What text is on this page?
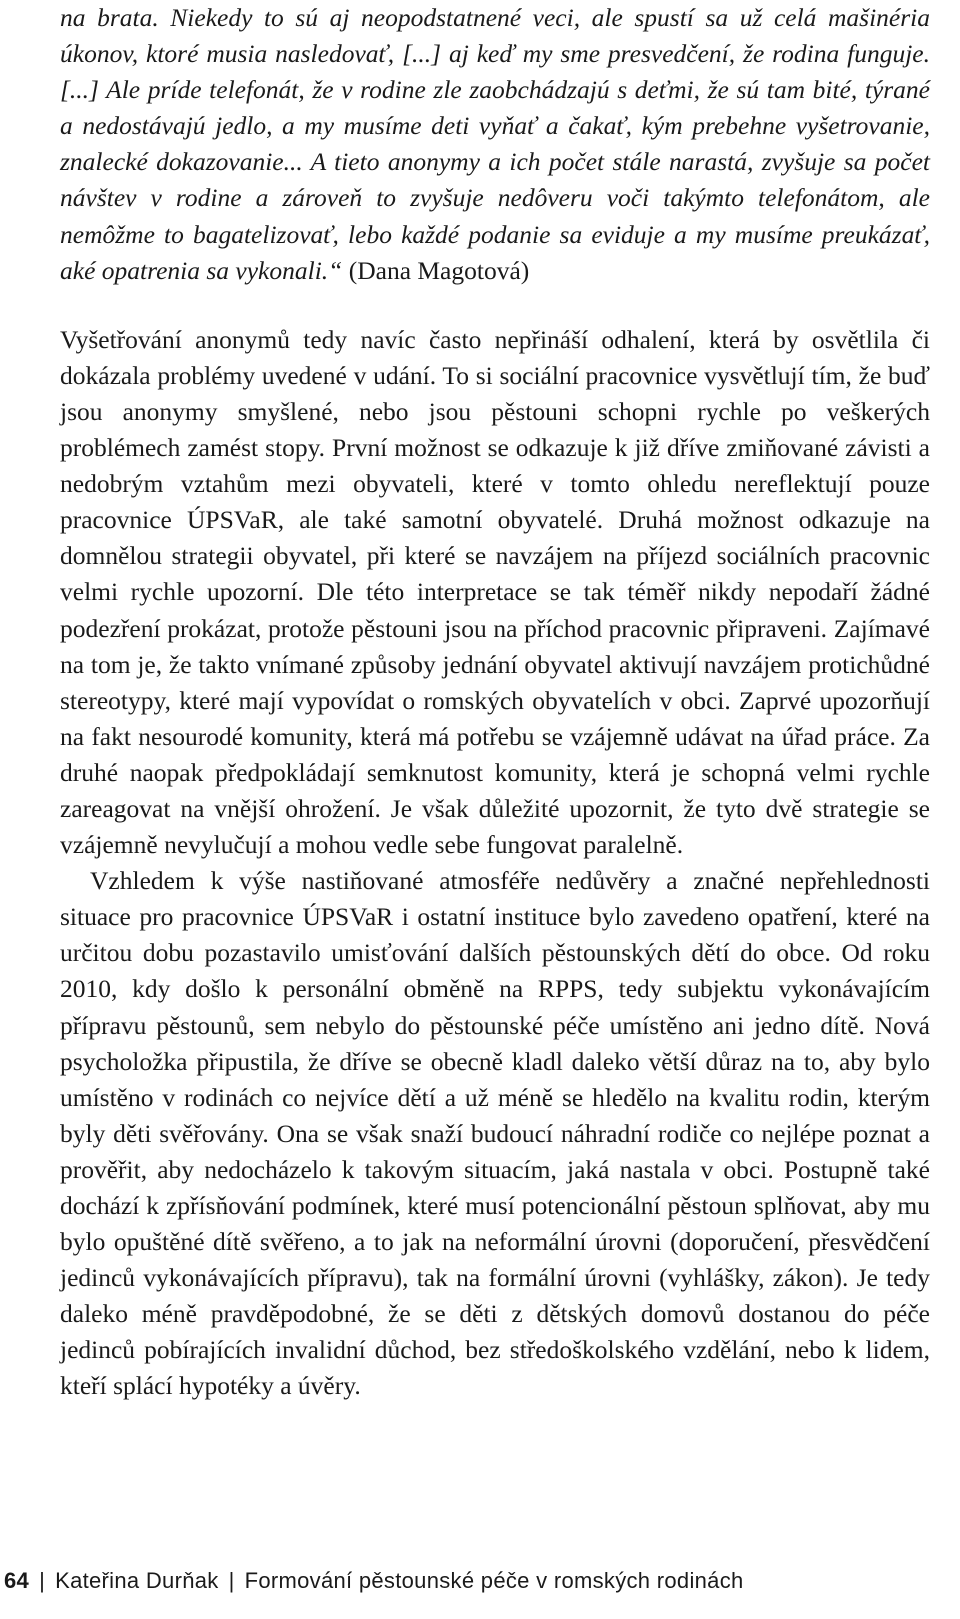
na brata. Niekedy to sú aj neopodstatnené veci, ale spustí sa už celá mašinéria úkonov, ktoré musia nasledovať, [...] aj keď my sme presvedčení, že rodina funguje. [...] Ale príde telefonát, že v rodine zle zaobchádzajú s deťmi, že sú tam bité, týrané a nedostávajú jedlo, a my musíme deti vyňať a čakať, kým prebehne vyšetrovanie, znalecké dokazovanie... A tieto anonymy a ich počet stále narastá, zvyšuje sa počet návštev v rodine a zároveň to zvyšuje nedôveru voči takýmto telefonátom, ale nemôžme to bagatelizovať, lebo každé podanie sa eviduje a my musíme preukázať, aké opatrenia sa vykonali.“ (Dana Magotová)

Vyšetřování anonymů tedy navíc často nepřináší odhalení, která by osvětlila či dokázala problémy uvedené v udání. To si sociální pracovnice vysvětlují tím, že buď jsou anonymy smyšlené, nebo jsou pěstouni schopni rychle po veškerých problémech zamést stopy. První možnost se odkazuje k již dříve zmiňované závisti a nedobrým vztahům mezi obyvateli, které v tomto ohledu nereflektují pouze pracovnice ÚPSVaR, ale také samotní obyvatelé. Druhá možnost odkazuje na domnělou strategii obyvatel, při které se navzájem na příjezd sociálních pracovnic velmi rychle upozorní. Dle této interpretace se tak téměř nikdy nepodaří žádné podezření prokázat, protože pěstouni jsou na příchod pracovnic připraveni. Zajímavé na tom je, že takto vnímané způsoby jednání obyvatel aktivují navzájem protichůdné stereotypy, které mají vypovídat o romských obyvatelích v obci. Zaprvé upozorňují na fakt nesourodé komunity, která má potřebu se vzájemně udávat na úřad práce. Za druhé naopak předpokládají semknutost komunity, která je schopná velmi rychle zareagovat na vnější ohrožení. Je však důležité upozornit, že tyto dvě strategie se vzájemně nevylučují a mohou vedle sebe fungovat paralelně.

Vzhledem k výše nastiňované atmosféře nedůvěry a značné nepřehlednosti situace pro pracovnice ÚPSVaR i ostatní instituce bylo zavedeno opatření, které na určitou dobu pozastavilo umisťování dalších pěstounských dětí do obce. Od roku 2010, kdy došlo k personální obměně na RPPS, tedy subjektu vykonávajícím přípravu pěstounů, sem nebylo do pěstounské péče umístěno ani jedno dítě. Nová psycholožka připustila, že dříve se obecně kladl daleko větší důraz na to, aby bylo umístěno v rodinách co nejvíce dětí a už méně se hledělo na kvalitu rodin, kterým byly děti svěřovány. Ona se však snaží budoucí náhradní rodiče co nejlépe poznat a prověřit, aby nedocházelo k takovým situacím, jaká nastala v obci. Postupně také dochází k zpřísňování podmínek, které musí potencionální pěstoun splňovat, aby mu bylo opuštěné dítě svěřeno, a to jak na neformální úrovni (doporučení, přesvědčení jedinců vykonávajících přípravu), tak na formální úrovni (vyhlášky, zákon). Je tedy daleko méně pravděpodobné, že se děti z dětských domovů dostanou do péče jedinců pobírajících invalidní důchod, bez středoškolského vzdělání, nebo k lidem, kteří splácí hypotéky a úvěry.

64 | Kateřina Durňak | Formování pěstounské péče v romských rodinách
